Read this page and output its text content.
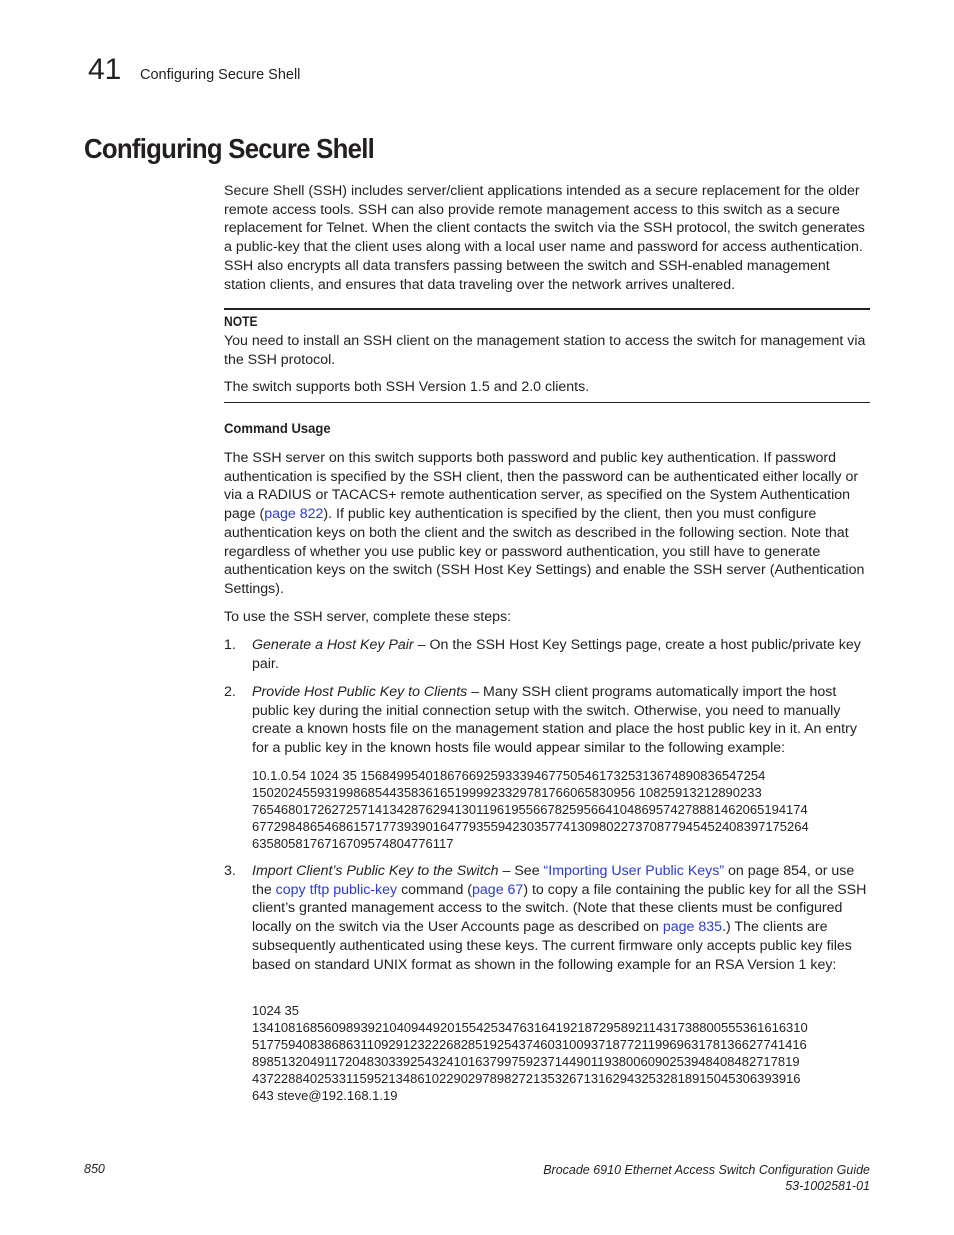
41 Configuring Secure Shell
Configuring Secure Shell

Secure Shell (SSH) includes server/client applications intended as a secure replacement for the older remote access tools. SSH can also provide remote management access to this switch as a secure replacement for Telnet. When the client contacts the switch via the SSH protocol, the switch generates a public-key that the client uses along with a local user name and password for access authentication. SSH also encrypts all data transfers passing between the switch and SSH-enabled management station clients, and ensures that data traveling over the network arrives unaltered.

NOTE

You need to install an SSH client on the management station to access the switch for management via the SSH protocol.

The switch supports both SSH Version 1.5 and 2.0 clients.

Command Usage

The SSH server on this switch supports both password and public key authentication. If password authentication is specified by the SSH client, then the password can be authenticated either locally or via a RADIUS or TACACS+ remote authentication server, as specified on the System Authentication page (page 822). If public key authentication is specified by the client, then you must configure authentication keys on both the client and the switch as described in the following section. Note that regardless of whether you use public key or password authentication, you still have to generate authentication keys on the switch (SSH Host Key Settings) and enable the SSH server (Authentication Settings).

To use the SSH server, complete these steps:

1. Generate a Host Key Pair – On the SSH Host Key Settings page, create a host public/private key pair.

2. Provide Host Public Key to Clients – Many SSH client programs automatically import the host public key during the initial connection setup with the switch. Otherwise, you need to manually create a known hosts file on the management station and place the host public key in it. An entry for a public key in the known hosts file would appear similar to the following example:

10.1.0.54 1024 35 15684995401867669259333946775054617325313674890836547254
15020245593199868544358361651999923329781766065830956 10825913212890233
76546801726272571413428762941301196195566782595664104869574278881462065194174
67729848654686157177393901647793559423035774130980227370877945452408397175264
6358058176716709574804776117
3. Import Client’s Public Key to the Switch – See “Importing User Public Keys” on page 854, or use the copy tftp public-key command (page 67) to copy a file containing the public key for all the SSH client’s granted management access to the switch. (Note that these clients must be configured locally on the switch via the User Accounts page as described on page 835.) The clients are subsequently authenticated using these keys. The current firmware only accepts public key files based on standard UNIX format as shown in the following example for an RSA Version 1 key:

1024 35
13410816856098939210409449201554253476316419218729589211431738800555361616310
51775940838686311092912322268285192543746031009371877211996963178136627741416
8985132049117204830339254324101637997592371449011938006090253948408482717819
4372288402533115952134861022902978982721353267131629432532818915045306393916
643 steve@192.168.1.19
850	Brocade 6910 Ethernet Access Switch Configuration Guide
53-1002581-01
